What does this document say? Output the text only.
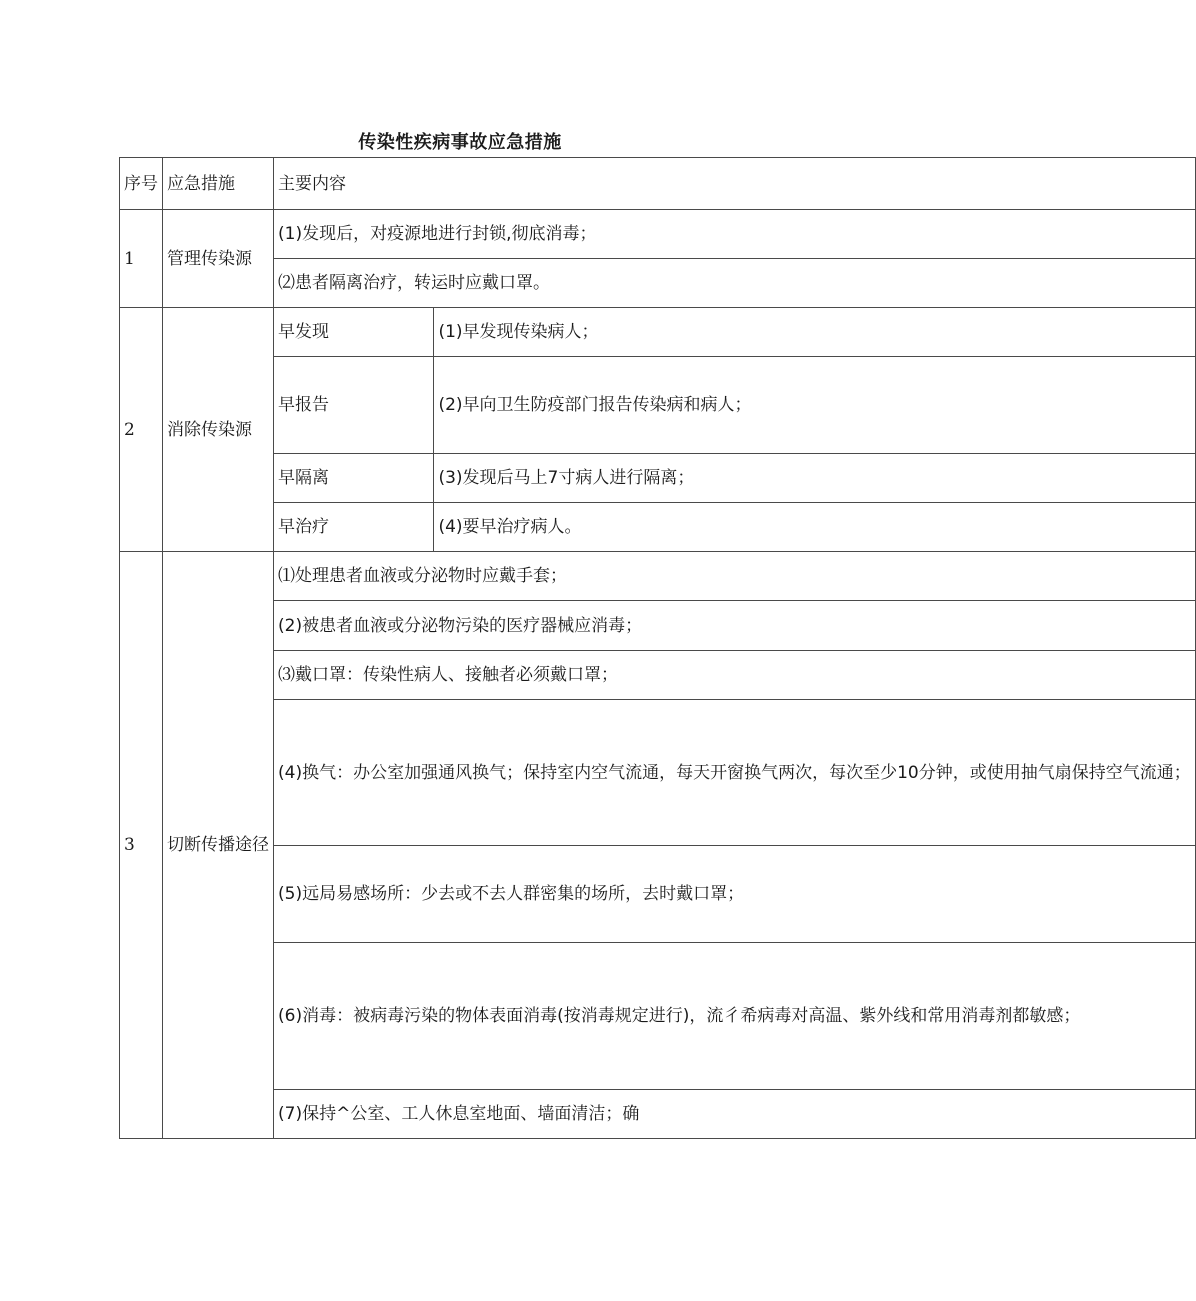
传染性疾病事故应急措施
序号	应急措施	主要内容	
1	管理传染源	(1)发现后，对疫源地进行封锁,彻底消毒；	
		⑵患者隔离治疗，转运时应戴口罩。	
2	消除传染源	早发现	(1)早发现传染病人；
		早报告	(2)早向卫生防疫部门报告传染病和病人；
		早隔离	(3)发现后马上7寸病人进行隔离；
		早治疗	(4)要早治疗病人。
3	切断传播途径	⑴处理患者血液或分泌物时应戴手套；	
		(2)被患者血液或分泌物污染的医疗器械应消毒；	
		⑶戴口罩：传染性病人、接触者必须戴口罩；	
		(4)换气：办公室加强通风换气；保持室内空气流通，每天开窗换气两次，每次至少10分钟，或使用抽气扇保持空气流通；	
		(5)远局易感场所：少去或不去人群密集的场所，去时戴口罩；	
		(6)消毒：被病毒污染的物体表面消毒(按消毒规定进行)，流彳希病毒对高温、紫外线和常用消毒剂都敏感；	
		(7)保持^公室、工人休息室地面、墙面清洁；确	
